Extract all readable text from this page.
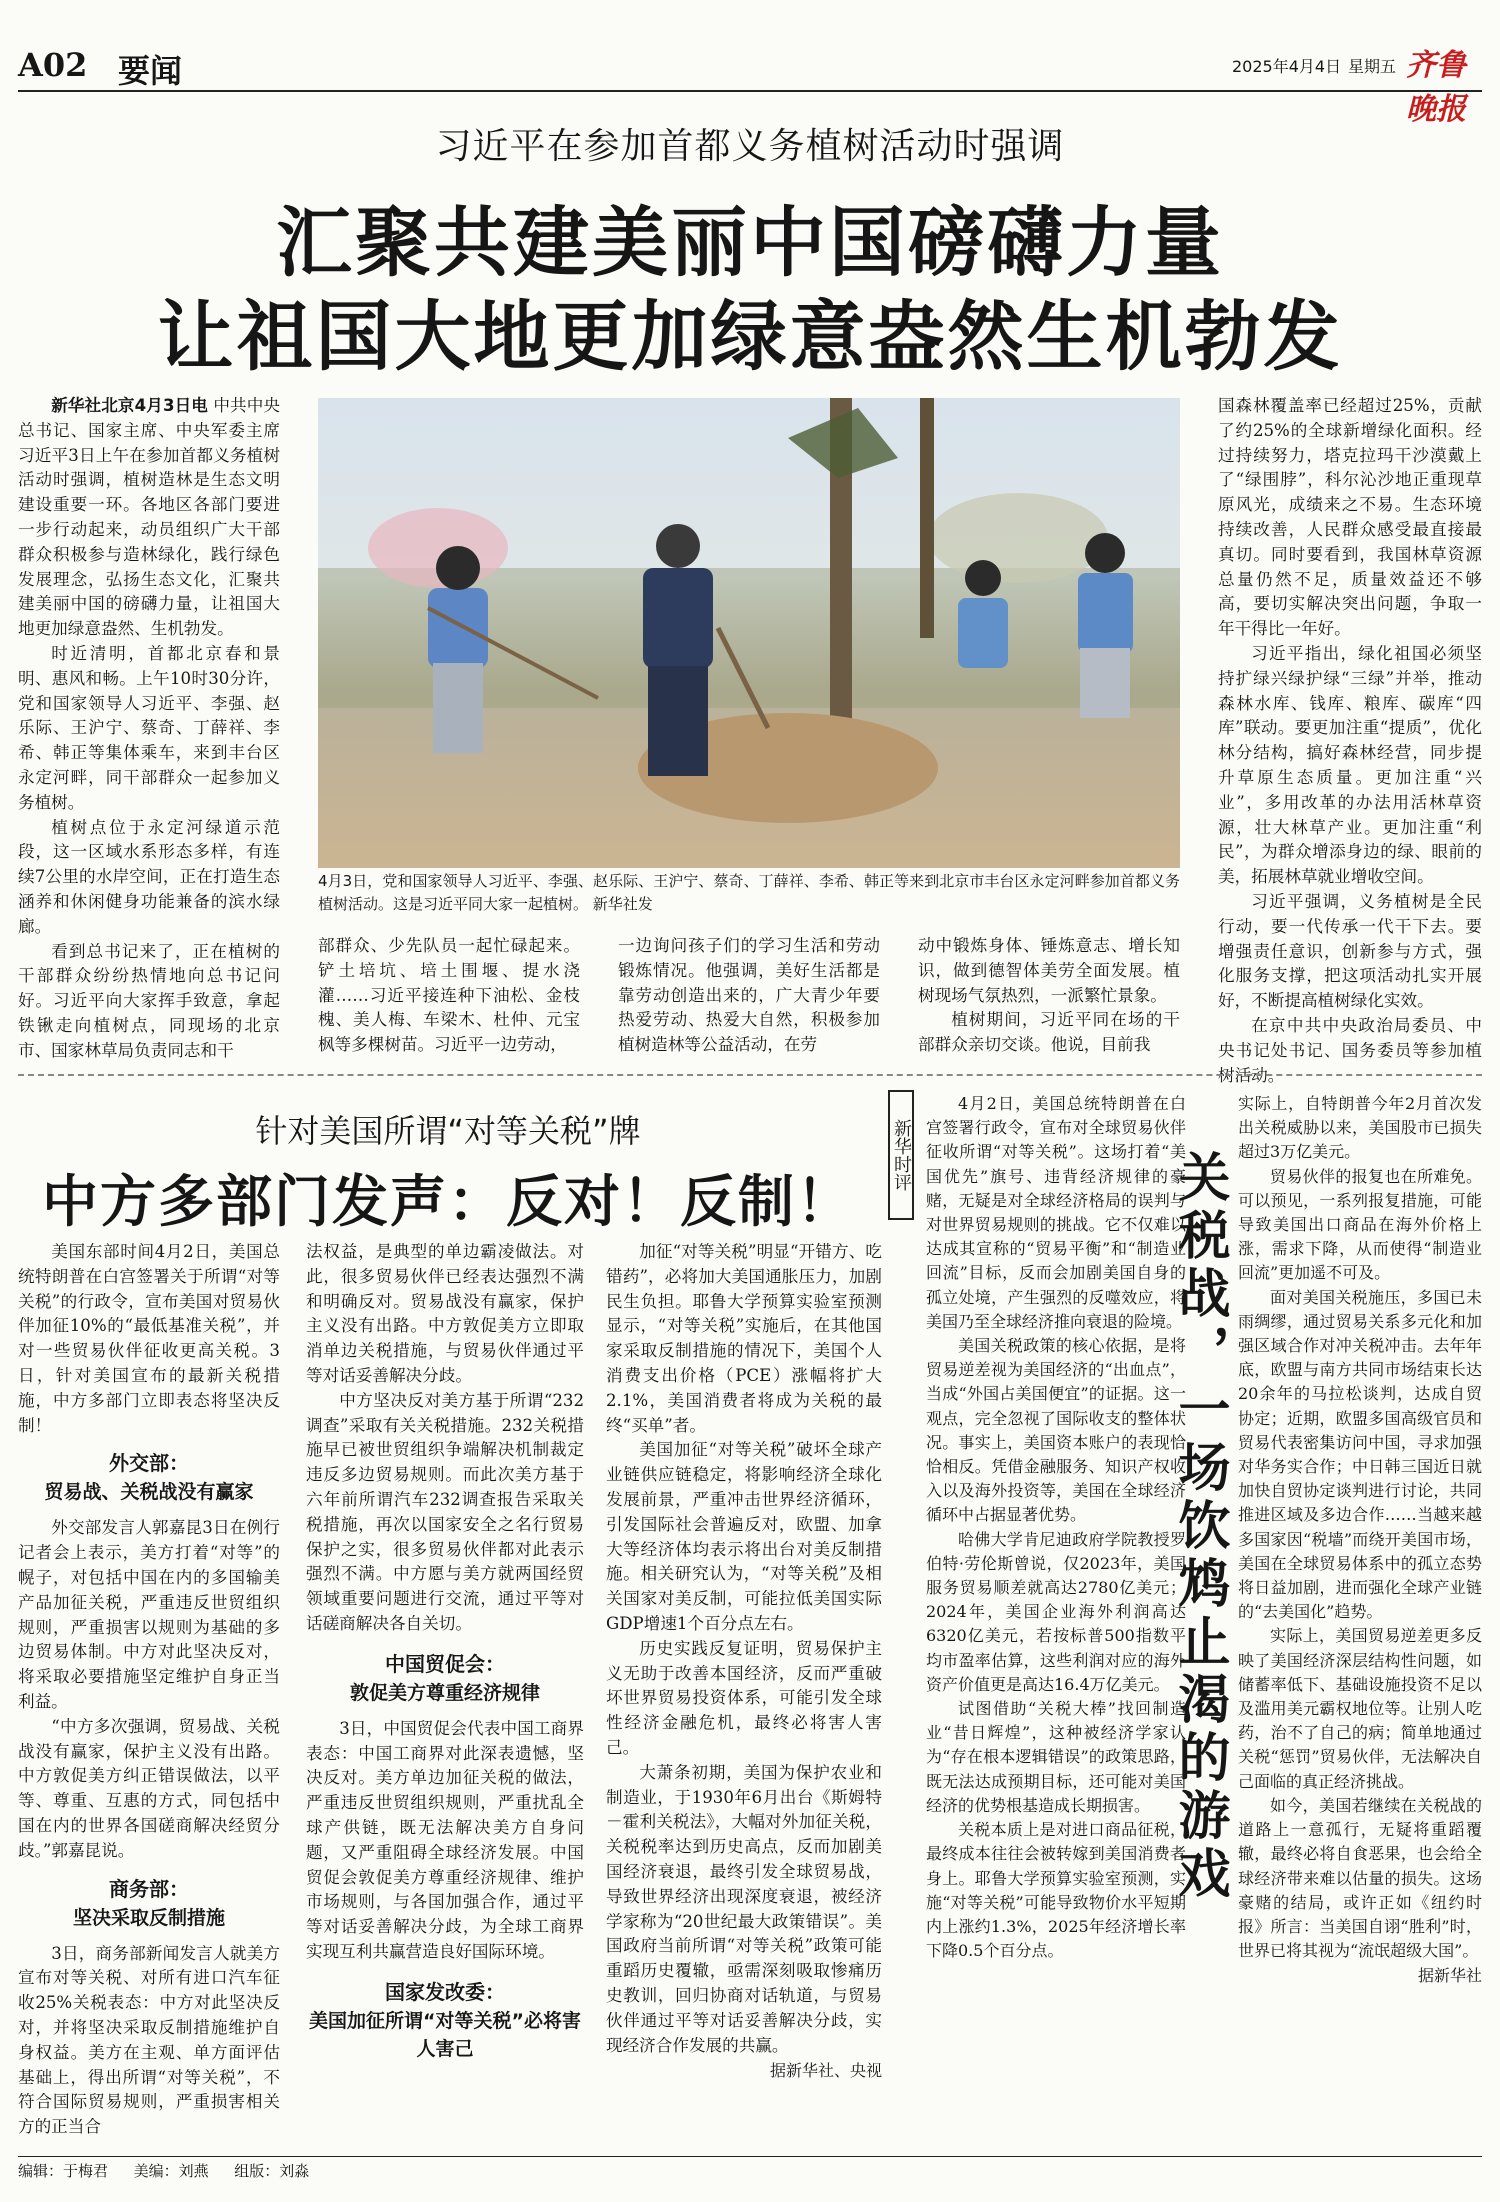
A02 要闻	2025年4月4日 星期五 齐鲁晚报
习近平在参加首都义务植树活动时强调
汇聚共建美丽中国磅礴力量
让祖国大地更加绿意盎然生机勃发

新华社北京4月3日电 中共中央总书记、国家主席、中央军委主席习近平3日上午在参加首都义务植树活动时强调，植树造林是生态文明建设重要一环。各地区各部门要进一步行动起来，动员组织广大干部群众积极参与造林绿化，践行绿色发展理念，弘扬生态文化，汇聚共建美丽中国的磅礴力量，让祖国大地更加绿意盎然、生机勃发。

时近清明，首都北京春和景明、惠风和畅。上午10时30分许，党和国家领导人习近平、李强、赵乐际、王沪宁、蔡奇、丁薛祥、李希、韩正等集体乘车，来到丰台区永定河畔，同干部群众一起参加义务植树。

植树点位于永定河绿道示范段，这一区域水系形态多样，有连续7公里的水岸空间，正在打造生态涵养和休闲健身功能兼备的滨水绿廊。

看到总书记来了，正在植树的干部群众纷纷热情地向总书记问好。习近平向大家挥手致意，拿起铁锹走向植树点，同现场的北京市、国家林草局负责同志和干

4月3日，党和国家领导人习近平、李强、赵乐际、王沪宁、蔡奇、丁薛祥、李希、韩正等来到北京市丰台区永定河畔参加首都义务植树活动。这是习近平同大家一起植树。 新华社发

部群众、少先队员一起忙碌起来。铲土培坑、培土围堰、提水浇灌……习近平接连种下油松、金枝槐、美人梅、车梁木、杜仲、元宝枫等多棵树苗。习近平一边劳动，

一边询问孩子们的学习生活和劳动锻炼情况。他强调，美好生活都是靠劳动创造出来的，广大青少年要热爱劳动、热爱大自然，积极参加植树造林等公益活动，在劳

动中锻炼身体、锤炼意志、增长知识，做到德智体美劳全面发展。植树现场气氛热烈，一派繁忙景象。

植树期间，习近平同在场的干部群众亲切交谈。他说，目前我

国森林覆盖率已经超过25%，贡献了约25%的全球新增绿化面积。经过持续努力，塔克拉玛干沙漠戴上了“绿围脖”，科尔沁沙地正重现草原风光，成绩来之不易。生态环境持续改善，人民群众感受最直接最真切。同时要看到，我国林草资源总量仍然不足，质量效益还不够高，要切实解决突出问题，争取一年干得比一年好。

习近平指出，绿化祖国必须坚持扩绿兴绿护绿“三绿”并举，推动森林水库、钱库、粮库、碳库“四库”联动。要更加注重“提质”，优化林分结构，搞好森林经营，同步提升草原生态质量。更加注重“兴业”，多用改革的办法用活林草资源，壮大林草产业。更加注重“利民”，为群众增添身边的绿、眼前的美，拓展林草就业增收空间。

习近平强调，义务植树是全民行动，要一代传承一代干下去。要增强责任意识，创新参与方式，强化服务支撑，把这项活动扎实开展好，不断提高植树绿化实效。

在京中共中央政治局委员、中央书记处书记、国务委员等参加植树活动。

针对美国所谓“对等关税”牌
中方多部门发声：反对！反制！

美国东部时间4月2日，美国总统特朗普在白宫签署关于所谓“对等关税”的行政令，宣布美国对贸易伙伴加征10%的“最低基准关税”，并对一些贸易伙伴征收更高关税。3日，针对美国宣布的最新关税措施，中方多部门立即表态将坚决反制！

外交部：
贸易战、关税战没有赢家

外交部发言人郭嘉昆3日在例行记者会上表示，美方打着“对等”的幌子，对包括中国在内的多国输美产品加征关税，严重违反世贸组织规则，严重损害以规则为基础的多边贸易体制。中方对此坚决反对，将采取必要措施坚定维护自身正当利益。

“中方多次强调，贸易战、关税战没有赢家，保护主义没有出路。中方敦促美方纠正错误做法，以平等、尊重、互惠的方式，同包括中国在内的世界各国磋商解决经贸分歧。”郭嘉昆说。

商务部：
坚决采取反制措施

3日，商务部新闻发言人就美方宣布对等关税、对所有进口汽车征收25%关税表态：中方对此坚决反对，并将坚决采取反制措施维护自身权益。美方在主观、单方面评估基础上，得出所谓“对等关税”，不符合国际贸易规则，严重损害相关方的正当合

法权益，是典型的单边霸凌做法。对此，很多贸易伙伴已经表达强烈不满和明确反对。贸易战没有赢家，保护主义没有出路。中方敦促美方立即取消单边关税措施，与贸易伙伴通过平等对话妥善解决分歧。

中方坚决反对美方基于所谓“232调查”采取有关关税措施。232关税措施早已被世贸组织争端解决机制裁定违反多边贸易规则。而此次美方基于六年前所谓汽车232调查报告采取关税措施，再次以国家安全之名行贸易保护之实，很多贸易伙伴都对此表示强烈不满。中方愿与美方就两国经贸领域重要问题进行交流，通过平等对话磋商解决各自关切。

中国贸促会：
敦促美方尊重经济规律

3日，中国贸促会代表中国工商界表态：中国工商界对此深表遗憾，坚决反对。美方单边加征关税的做法，严重违反世贸组织规则，严重扰乱全球产供链，既无法解决美方自身问题，又严重阻碍全球经济发展。中国贸促会敦促美方尊重经济规律、维护市场规则，与各国加强合作，通过平等对话妥善解决分歧，为全球工商界实现互利共赢营造良好国际环境。

国家发改委：
美国加征所谓“对等关税”必将害人害己

加征“对等关税”明显“开错方、吃错药”，必将加大美国通胀压力，加剧民生负担。耶鲁大学预算实验室预测显示，“对等关税”实施后，在其他国家采取反制措施的情况下，美国个人消费支出价格（PCE）涨幅将扩大2.1%，美国消费者将成为关税的最终“买单”者。

美国加征“对等关税”破坏全球产业链供应链稳定，将影响经济全球化发展前景，严重冲击世界经济循环，引发国际社会普遍反对，欧盟、加拿大等经济体均表示将出台对美反制措施。相关研究认为，“对等关税”及相关国家对美反制，可能拉低美国实际GDP增速1个百分点左右。

历史实践反复证明，贸易保护主义无助于改善本国经济，反而严重破坏世界贸易投资体系，可能引发全球性经济金融危机，最终必将害人害己。

大萧条初期，美国为保护农业和制造业，于1930年6月出台《斯姆特－霍利关税法》，大幅对外加征关税，关税税率达到历史高点，反而加剧美国经济衰退，最终引发全球贸易战，导致世界经济出现深度衰退，被经济学家称为“20世纪最大政策错误”。美国政府当前所谓“对等关税”政策可能重蹈历史覆辙，亟需深刻吸取惨痛历史教训，回归协商对话轨道，与贸易伙伴通过平等对话妥善解决分歧，实现经济合作发展的共赢。

据新华社、央视
新华时评

4月2日，美国总统特朗普在白宫签署行政令，宣布对全球贸易伙伴征收所谓“对等关税”。这场打着“美国优先”旗号、违背经济规律的豪赌，无疑是对全球经济格局的误判与对世界贸易规则的挑战。它不仅难以达成其宣称的“贸易平衡”和“制造业回流”目标，反而会加剧美国自身的孤立处境，产生强烈的反噬效应，将美国乃至全球经济推向衰退的险境。

美国关税政策的核心依据，是将贸易逆差视为美国经济的“出血点”，当成“外国占美国便宜”的证据。这一观点，完全忽视了国际收支的整体状况。事实上，美国资本账户的表现恰恰相反。凭借金融服务、知识产权收入以及海外投资等，美国在全球经济循环中占据显著优势。

哈佛大学肯尼迪政府学院教授罗伯特·劳伦斯曾说，仅2023年，美国服务贸易顺差就高达2780亿美元；2024年，美国企业海外利润高达6320亿美元，若按标普500指数平均市盈率估算，这些利润对应的海外资产价值更是高达16.4万亿美元。

试图借助“关税大棒”找回制造业“昔日辉煌”，这种被经济学家认为“存在根本逻辑错误”的政策思路，既无法达成预期目标，还可能对美国经济的优势根基造成长期损害。

关税本质上是对进口商品征税，最终成本往往会被转嫁到美国消费者身上。耶鲁大学预算实验室预测，实施“对等关税”可能导致物价水平短期内上涨约1.3%，2025年经济增长率下降0.5个百分点。

关税战，一场饮鸩止渴的游戏

实际上，自特朗普今年2月首次发出关税威胁以来，美国股市已损失超过3万亿美元。

贸易伙伴的报复也在所难免。可以预见，一系列报复措施，可能导致美国出口商品在海外价格上涨，需求下降，从而使得“制造业回流”更加遥不可及。

面对美国关税施压，多国已未雨绸缪，通过贸易关系多元化和加强区域合作对冲关税冲击。去年年底，欧盟与南方共同市场结束长达20余年的马拉松谈判，达成自贸协定；近期，欧盟多国高级官员和贸易代表密集访问中国，寻求加强对华务实合作；中日韩三国近日就加快自贸协定谈判进行讨论，共同推进区域及多边合作……当越来越多国家因“税墙”而绕开美国市场，美国在全球贸易体系中的孤立态势将日益加剧，进而强化全球产业链的“去美国化”趋势。

实际上，美国贸易逆差更多反映了美国经济深层结构性问题，如储蓄率低下、基础设施投资不足以及滥用美元霸权地位等。让别人吃药，治不了自己的病；简单地通过关税“惩罚”贸易伙伴，无法解决自己面临的真正经济挑战。

如今，美国若继续在关税战的道路上一意孤行，无疑将重蹈覆辙，最终必将自食恶果，也会给全球经济带来难以估量的损失。这场豪赌的结局，或许正如《纽约时报》所言：当美国自诩“胜利”时，世界已将其视为“流氓超级大国”。

据新华社
编辑：于梅君 美编：刘燕 组版：刘淼
